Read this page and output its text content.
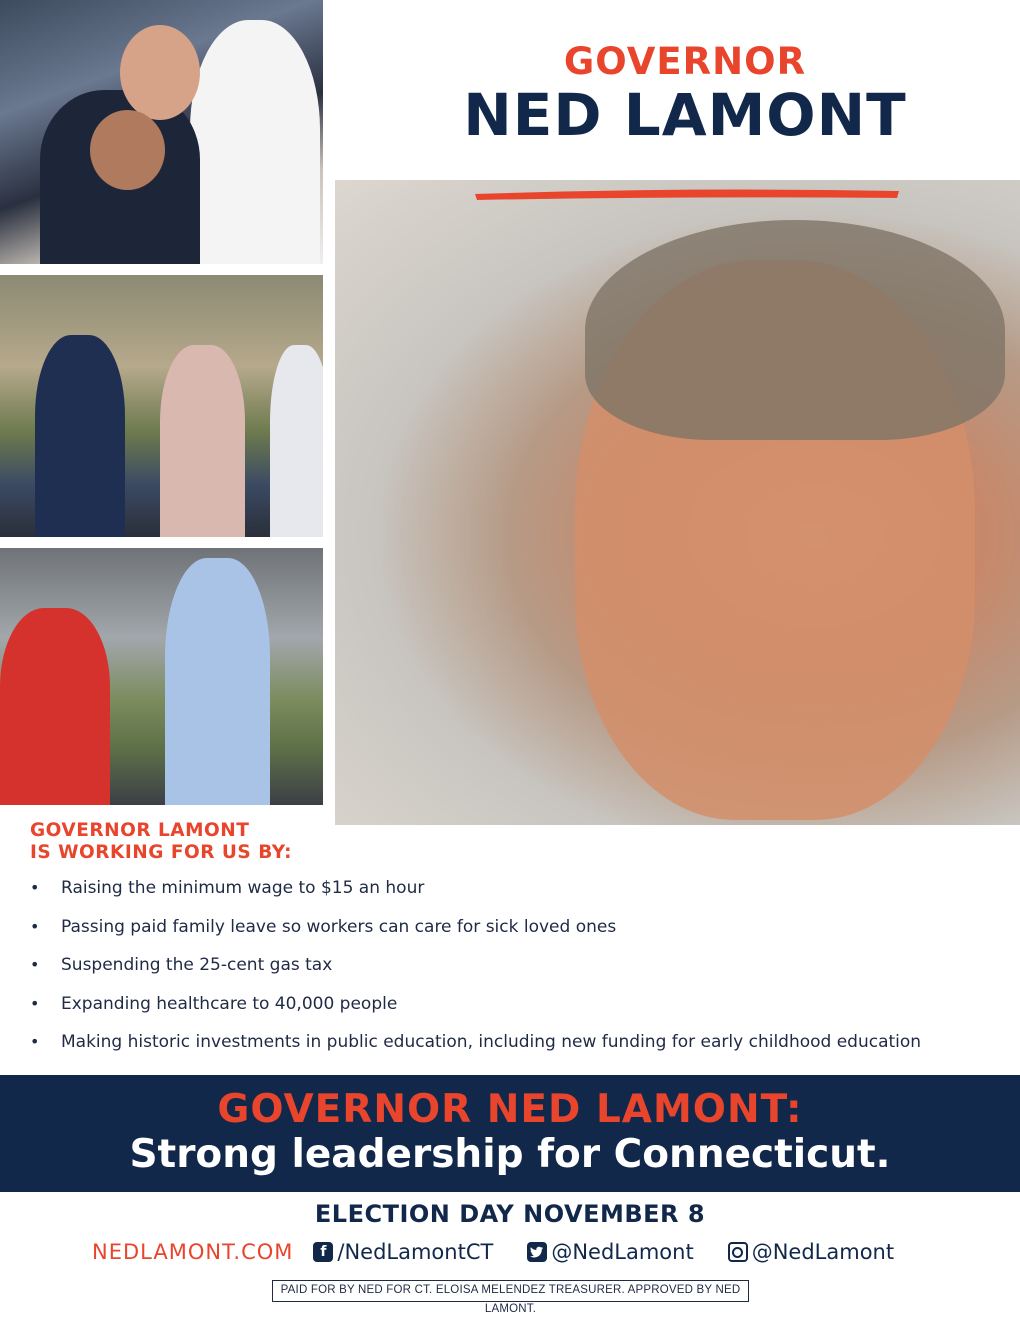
GOVERNOR
NED LAMONT
GOVERNOR LAMONT
IS WORKING FOR US BY:
• Raising the minimum wage to $15 an hour
• Passing paid family leave so workers can care for sick loved ones
• Suspending the 25-cent gas tax
• Expanding healthcare to 40,000 people
• Making historic investments in public education, including new funding for early childhood education
GOVERNOR NED LAMONT:
Strong leadership for Connecticut.
ELECTION DAY NOVEMBER 8
NEDLAMONT.COM	f /NedLamontCT	@NedLamont	@NedLamont
PAID FOR BY NED FOR CT. ELOISA MELENDEZ TREASURER. APPROVED BY NED LAMONT.
